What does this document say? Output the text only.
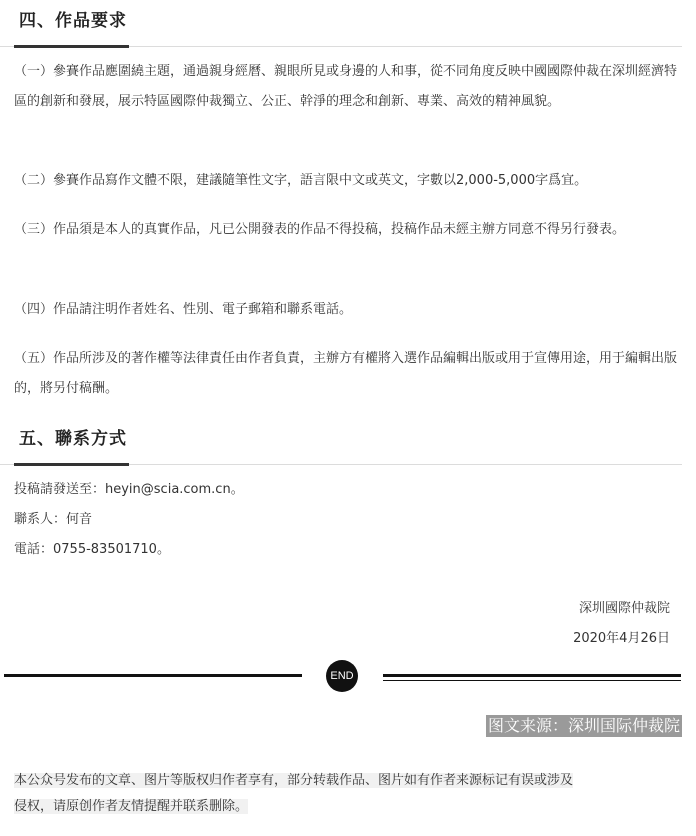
四、作品要求

（一）參賽作品應圍繞主題，通過親身經曆、親眼所見或身邊的人和事，從不同角度反映中國國際仲裁在深圳經濟特區的創新和發展，展示特區國際仲裁獨立、公正、幹淨的理念和創新、專業、高效的精神風貌。

（二）參賽作品寫作文體不限，建議隨筆性文字，語言限中文或英文，字數以2,000-5,000字爲宜。

（三）作品須是本人的真實作品，凡已公開發表的作品不得投稿，投稿作品未經主辦方同意不得另行發表。

（四）作品請注明作者姓名、性別、電子郵箱和聯系電話。

（五）作品所涉及的著作權等法律責任由作者負責，主辦方有權將入選作品編輯出版或用于宣傳用途，用于編輯出版的，將另付稿酬。

五、聯系方式
投稿請發送至：heyin@scia.com.cn。
聯系人：何音
電話：0755-83501710。
深圳國際仲裁院
2020年4月26日
END
图文来源：深圳国际仲裁院
本公众号发布的文章、图片等版权归作者享有，部分转载作品、图片如有作者来源标记有误或涉及
侵权，请原创作者友情提醒并联系删除。
